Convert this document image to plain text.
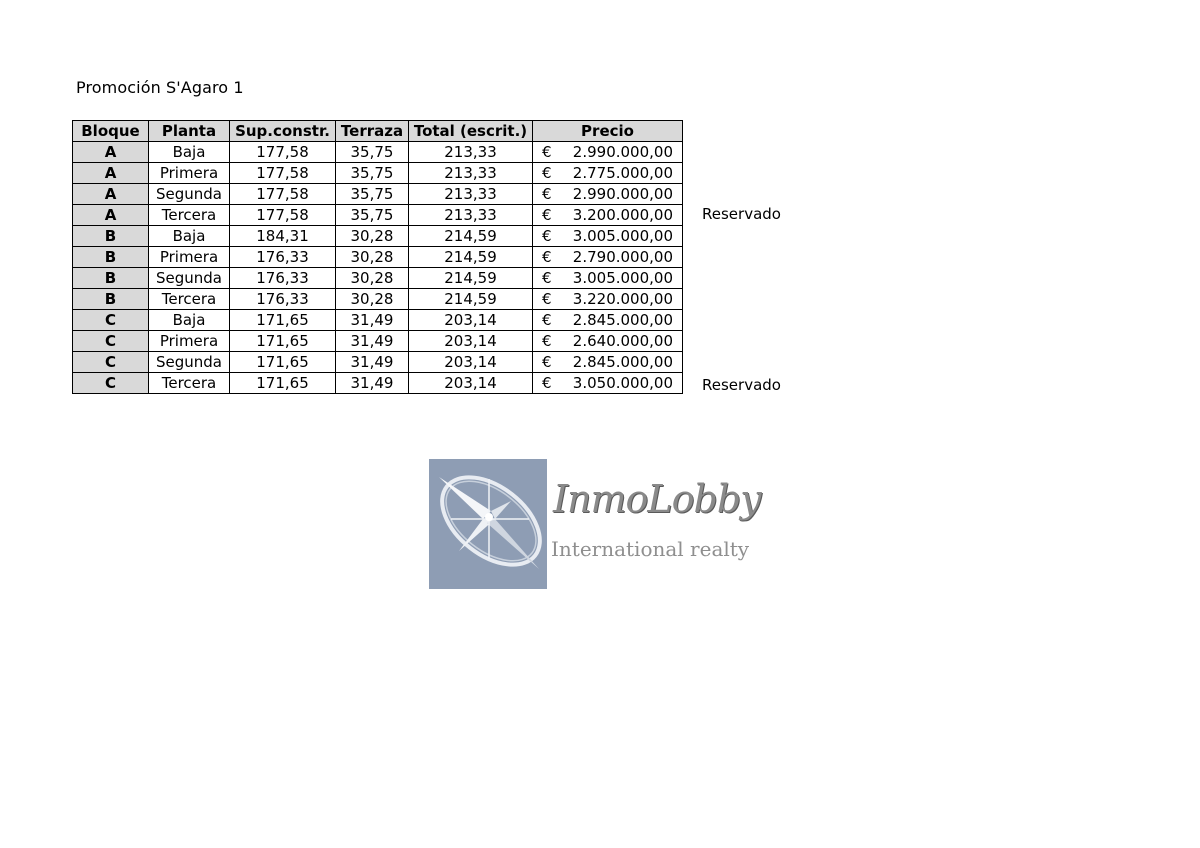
Promoción S'Agaro 1
Bloque	Planta	Sup.constr.	Terraza	Total (escrit.)	Precio
A	Baja	177,58	35,75	213,33	€ 2.990.000,00

A	Primera	177,58	35,75	213,33	€ 2.775.000,00

A	Segunda	177,58	35,75	213,33	€ 2.990.000,00

A	Tercera	177,58	35,75	213,33	€ 3.200.000,00

B	Baja	184,31	30,28	214,59	€ 3.005.000,00

B	Primera	176,33	30,28	214,59	€ 2.790.000,00

B	Segunda	176,33	30,28	214,59	€ 3.005.000,00

B	Tercera	176,33	30,28	214,59	€ 3.220.000,00

C	Baja	171,65	31,49	203,14	€ 2.845.000,00

C	Primera	171,65	31,49	203,14	€ 2.640.000,00

C	Segunda	171,65	31,49	203,14	€ 2.845.000,00

C	Tercera	171,65	31,49	203,14	€ 3.050.000,00
Reservado
Reservado
InmoLobby
International realty
